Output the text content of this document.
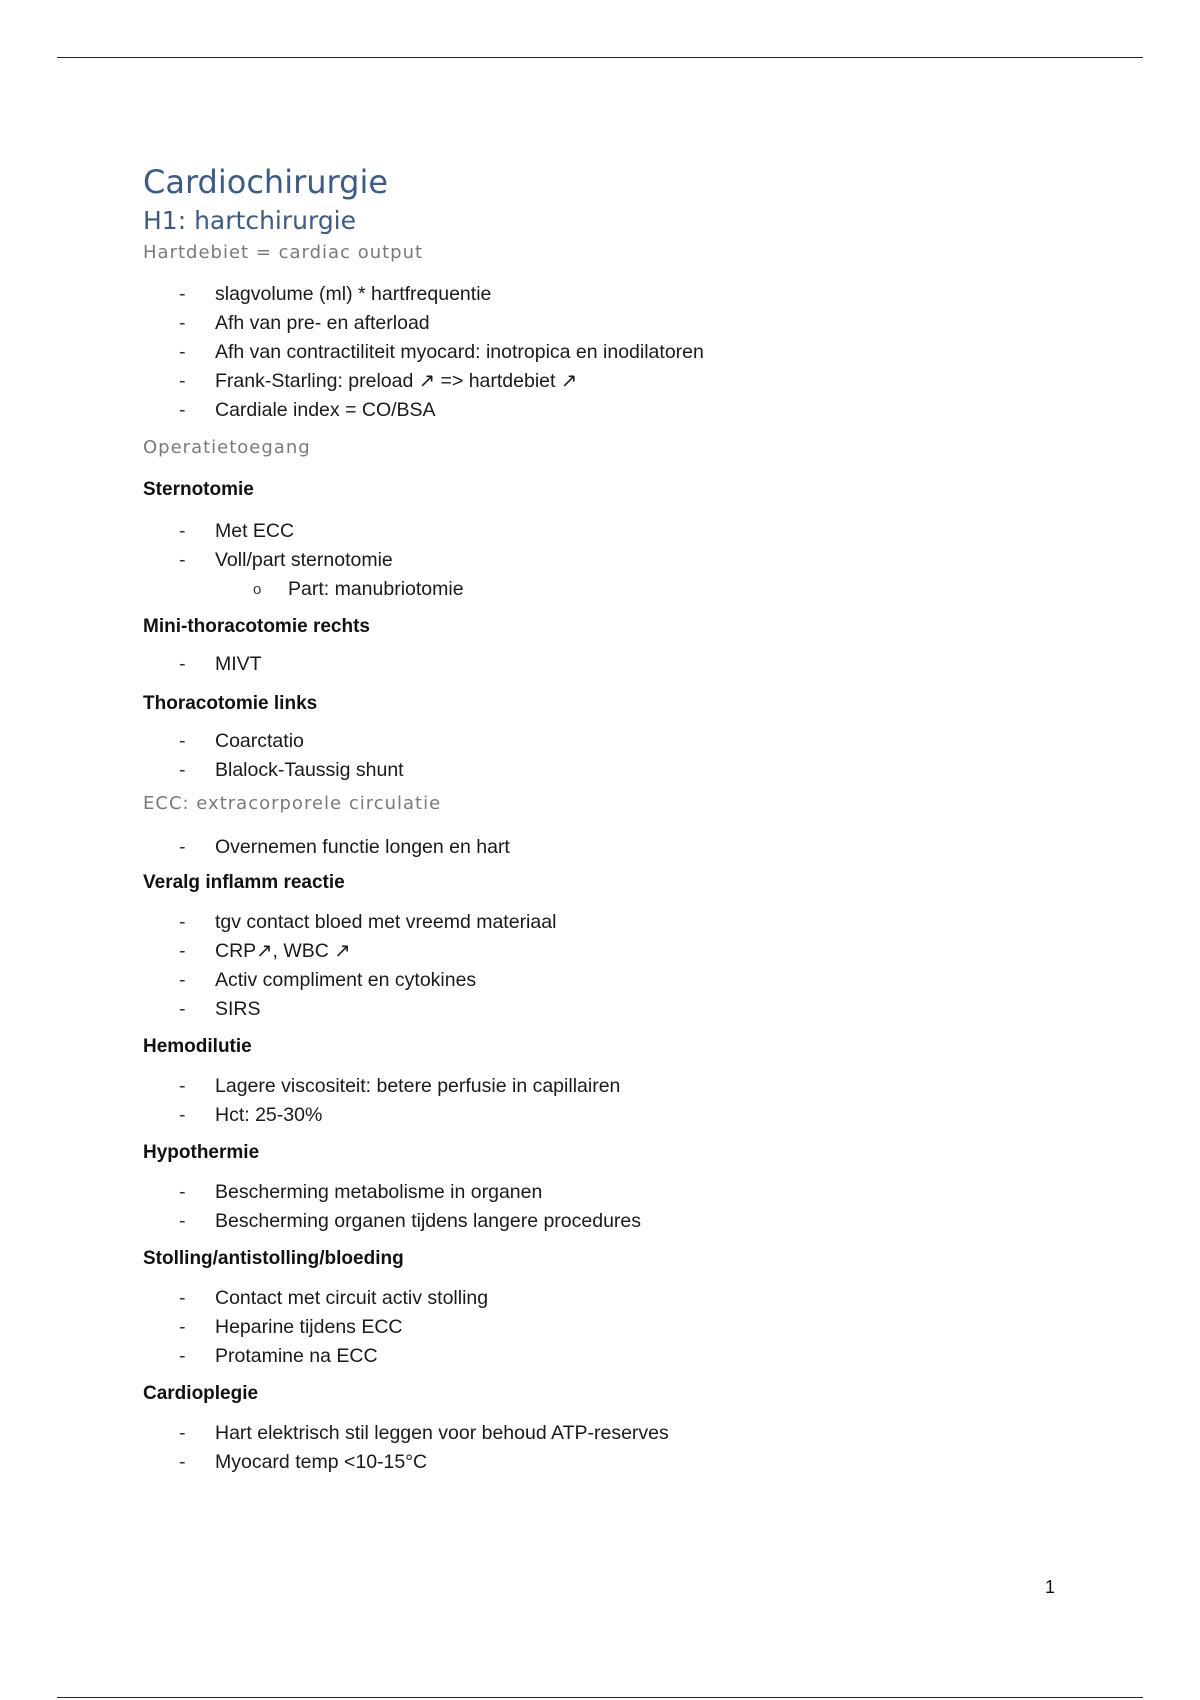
Cardiochirurgie
H1: hartchirurgie
Hartdebiet = cardiac output
-	slagvolume (ml) * hartfrequentie
-	Afh van pre- en afterload
-	Afh van contractiliteit myocard: inotropica en inodilatoren
-	Frank-Starling: preload ↗ => hartdebiet ↗
-	Cardiale index = CO/BSA
Operatietoegang
Sternotomie
-	Met ECC
-	Voll/part sternotomie
o	Part: manubriotomie
Mini-thoracotomie rechts
-	MIVT
Thoracotomie links
-	Coarctatio
-	Blalock-Taussig shunt
ECC: extracorporele circulatie
-	Overnemen functie longen en hart
Veralg inflamm reactie
-	tgv contact bloed met vreemd materiaal
-	CRP↗, WBC ↗
-	Activ compliment en cytokines
-	SIRS
Hemodilutie
-	Lagere viscositeit: betere perfusie in capillairen
-	Hct: 25-30%
Hypothermie
-	Bescherming metabolisme in organen
-	Bescherming organen tijdens langere procedures
Stolling/antistolling/bloeding
-	Contact met circuit activ stolling
-	Heparine tijdens ECC
-	Protamine na ECC
Cardioplegie
-	Hart elektrisch stil leggen voor behoud ATP-reserves
-	Myocard temp <10-15°C
1
